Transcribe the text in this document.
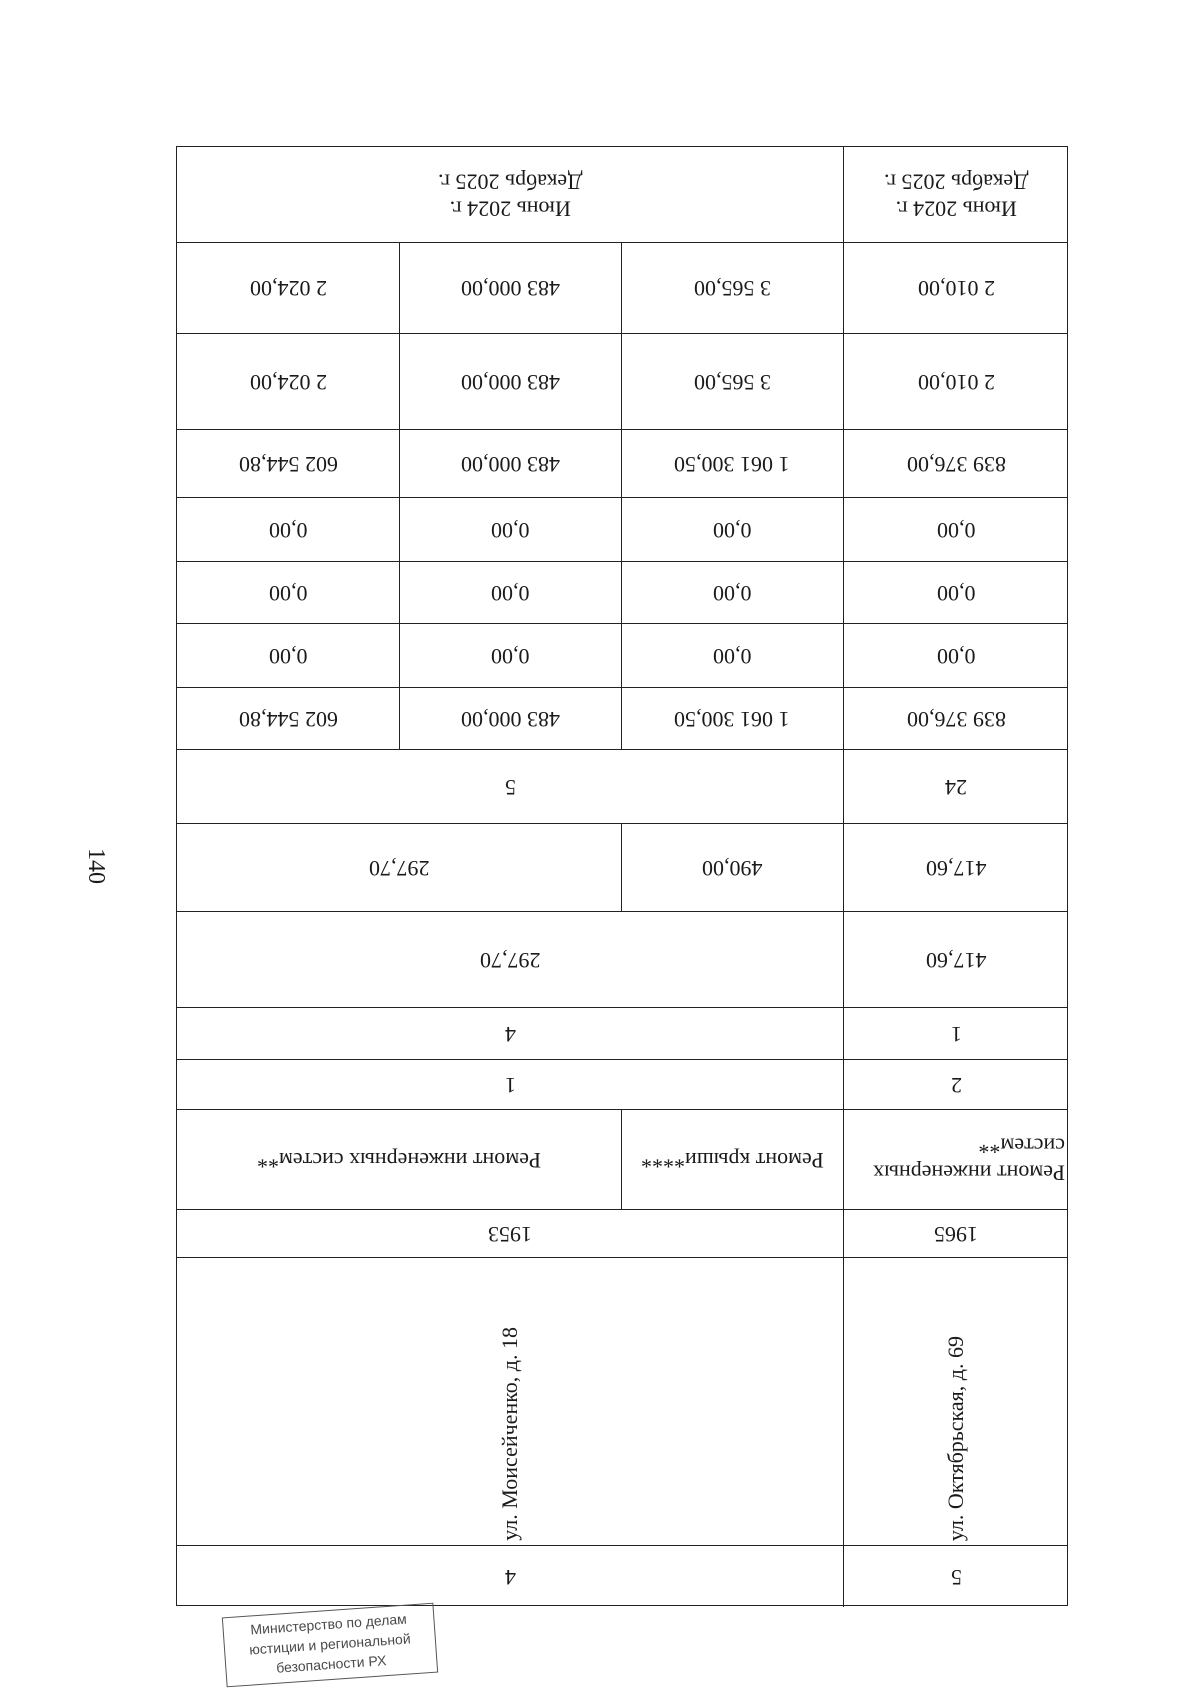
140
Июнь 2024 г.
Декабрь 2025 г.
Июнь 2024 г.
Декабрь 2025 г.
2 024,00	483 000,00	3 565,00	2 010,00
2 024,00	483 000,00	3 565,00	2 010,00
602 544,80	483 000,00	1 061 300,50	839 376,00
0,00	0,00	0,00	0,00
0,00	0,00	0,00	0,00
0,00	0,00	0,00	0,00
602 544,80	483 000,00	1 061 300,50	839 376,00
5	24
297,70	490,00	417,60
297,70	417,60
4	1
1	2
Ремонт инженерных систем**	Ремонт крыши****
Ремонт инженерных систем**
1953	1965
ул. Моисейченко, д. 18	ул. Октябрьская, д. 69
4	5
Министерство по делам
юстиции и региональной
безопасности РХ
